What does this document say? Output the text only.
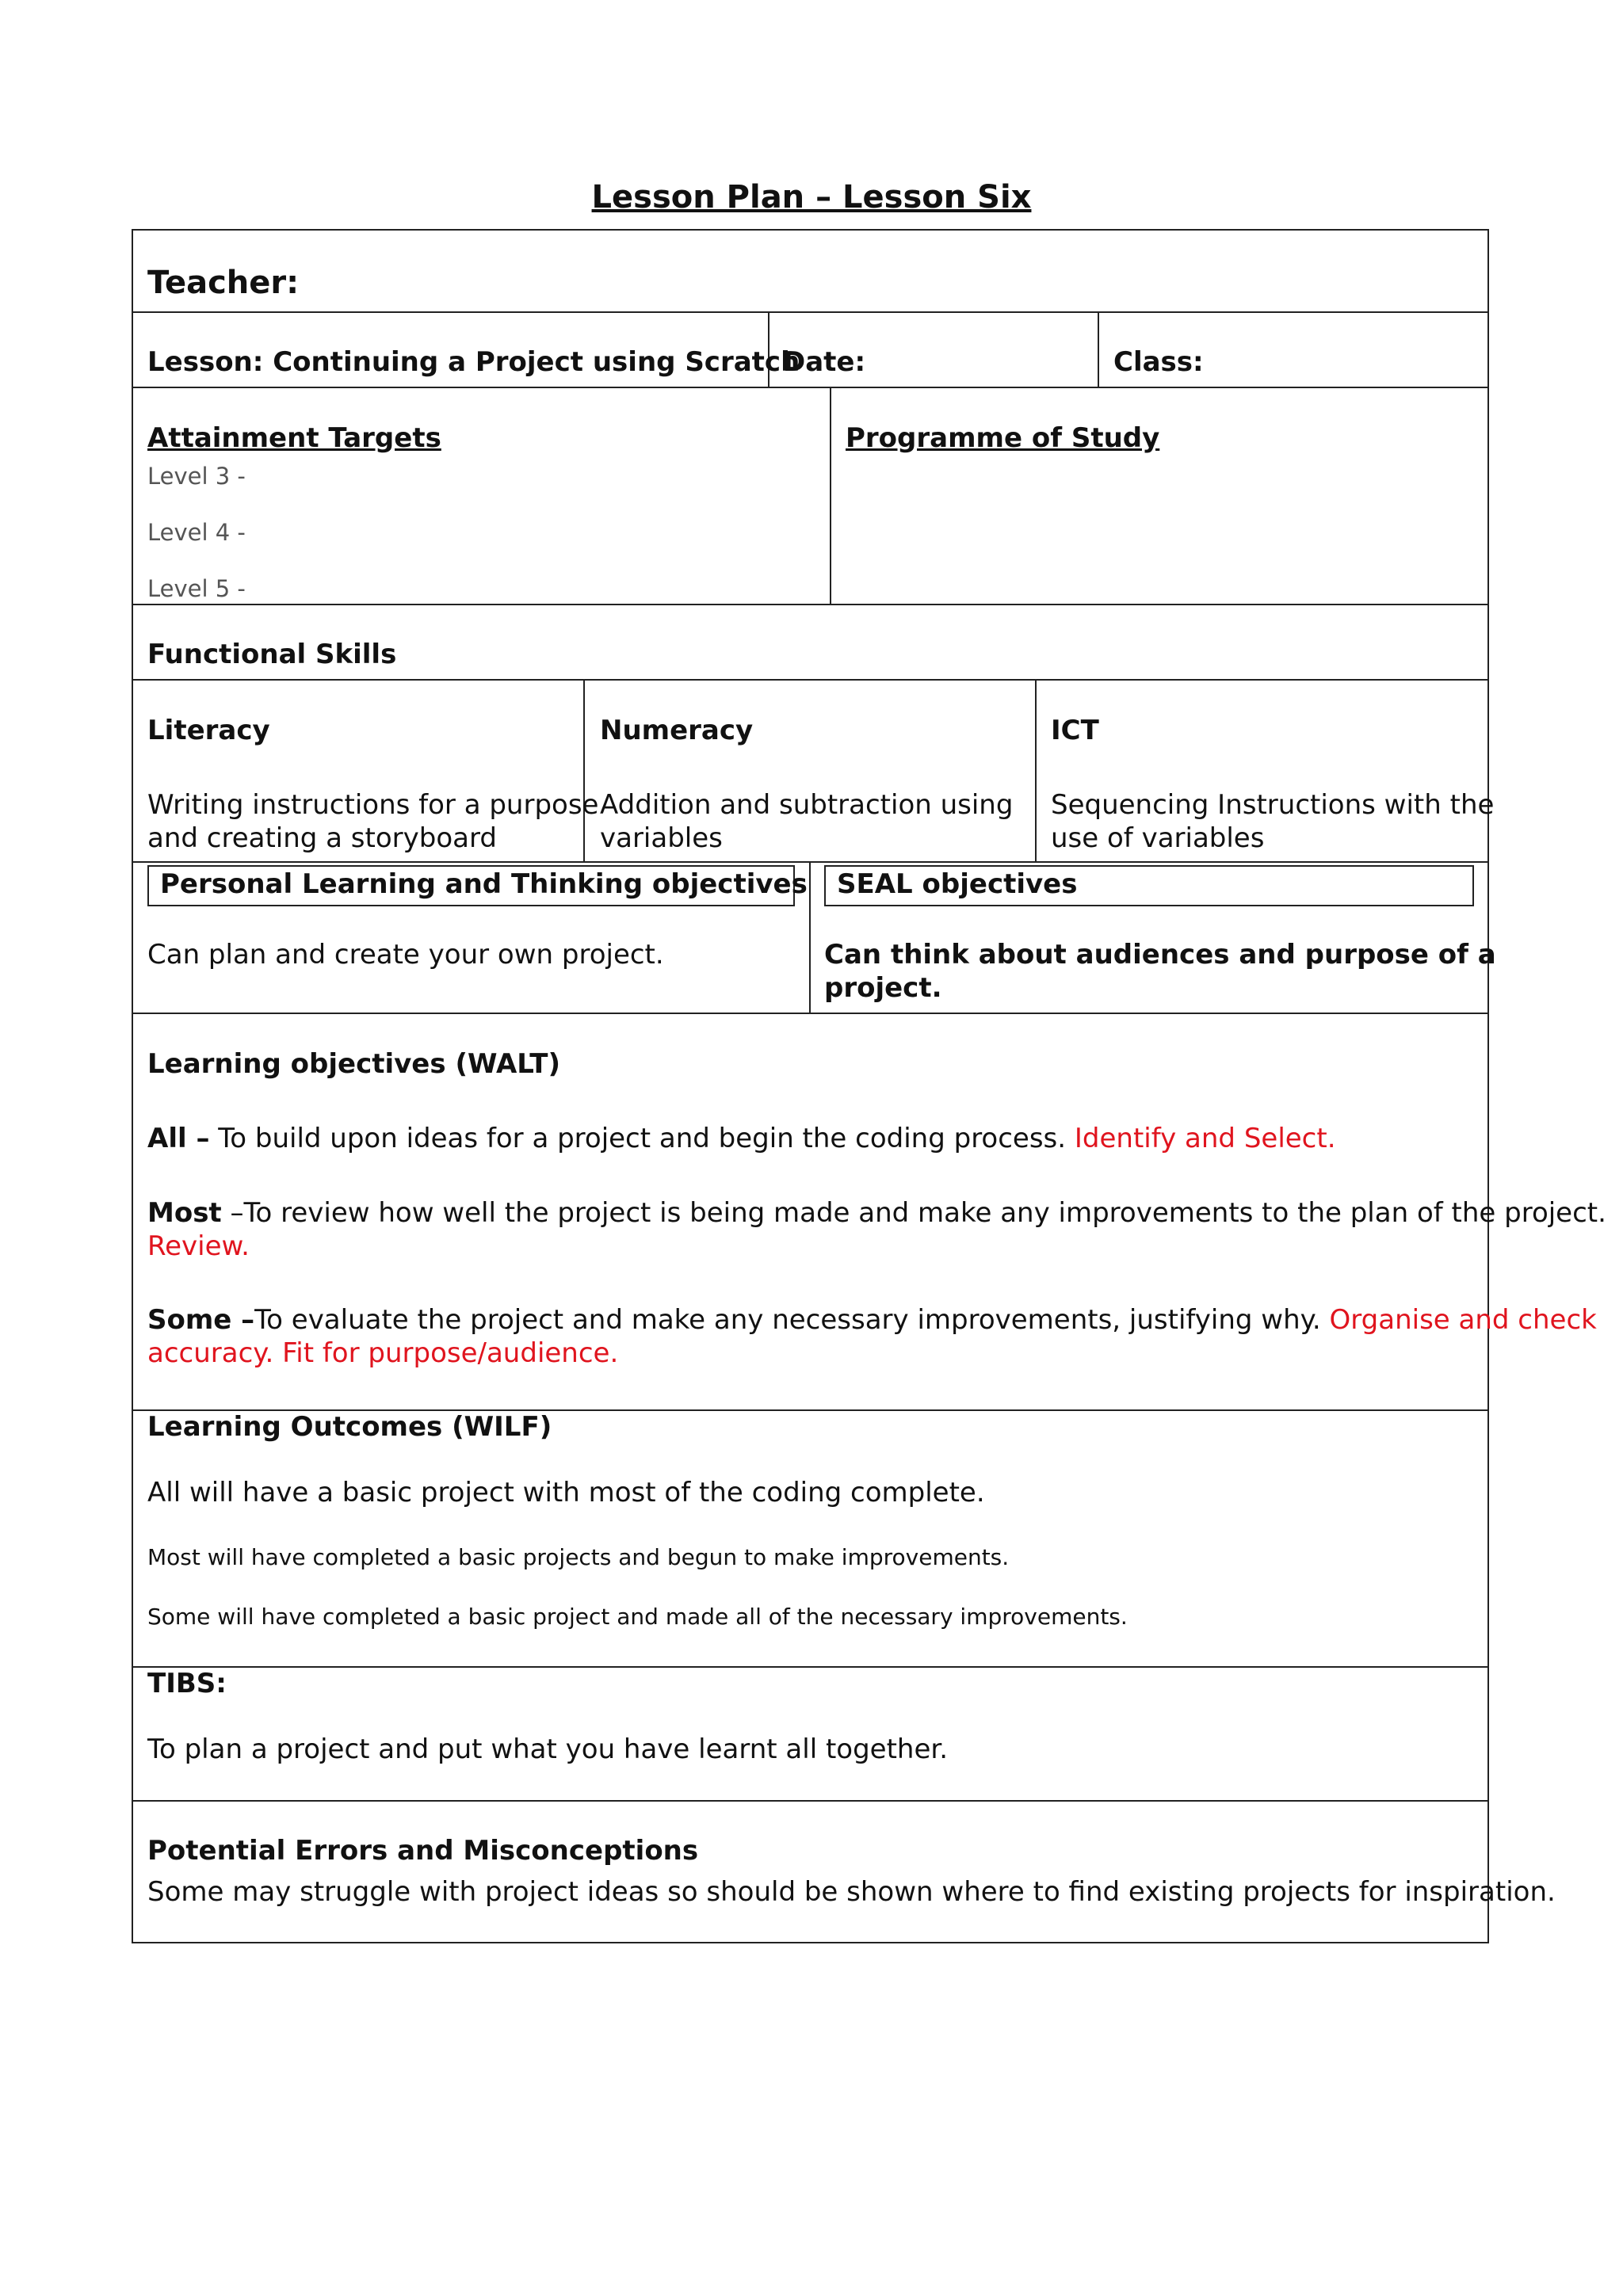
Lesson Plan – Lesson Six
Teacher:
Lesson: Continuing a Project using Scratch
Date:	Class:
Attainment Targets
Level 3 -
Level 4 -
Level 5 -
Programme of Study
Functional Skills
Literacy
Writing instructions for a purpose
and creating a storyboard
Numeracy
Addition and subtraction using
variables
ICT
Sequencing Instructions with the
use of variables
Personal Learning and Thinking objectives
Can plan and create your own project.
SEAL objectives
Can think about audiences and purpose of a
project.
Learning objectives (WALT)
All – To build upon ideas for a project and begin the coding process. Identify and Select.
Most –To review how well the project is being made and make any improvements to the plan of the project.
Review.
Some –To evaluate the project and make any necessary improvements, justifying why. Organise and check
accuracy. Fit for purpose/audience.
Learning Outcomes (WILF)
All will have a basic project with most of the coding complete.
Most will have completed a basic projects and begun to make improvements.
Some will have completed a basic project and made all of the necessary improvements.
TIBS:
To plan a project and put what you have learnt all together.
Potential Errors and Misconceptions
Some may struggle with project ideas so should be shown where to find existing projects for inspiration.
